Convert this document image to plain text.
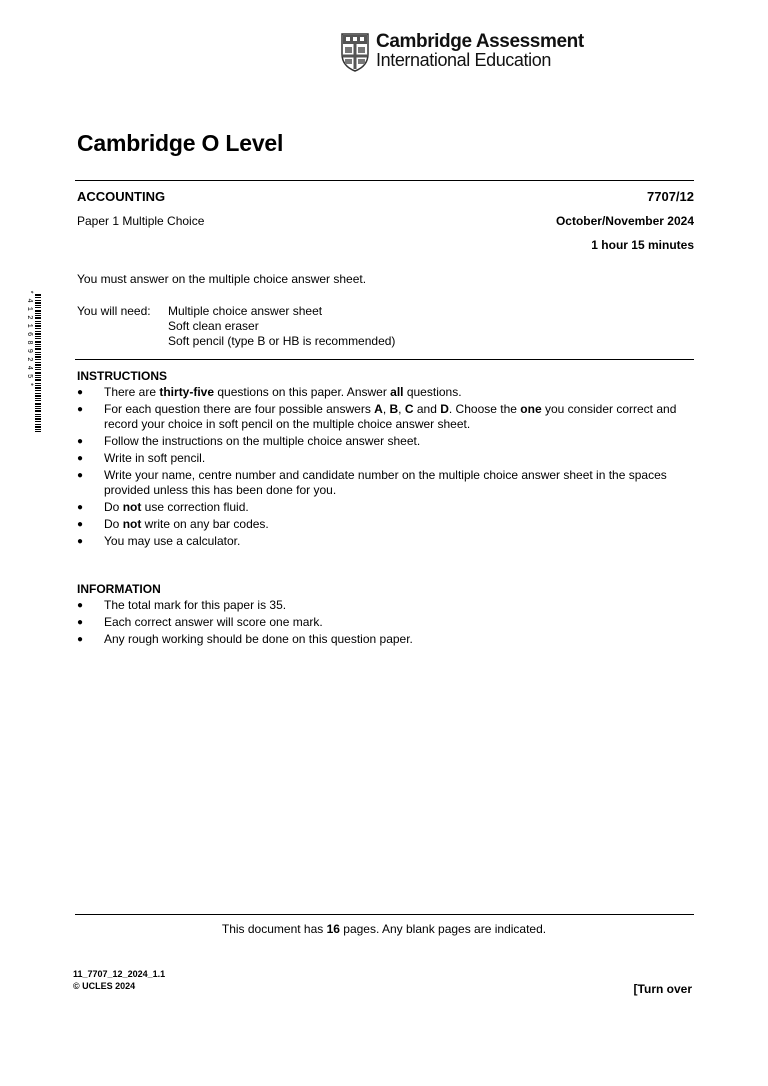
Cambridge Assessment
International Education
Cambridge O Level
ACCOUNTING	7707/12
Paper 1 Multiple Choice	October/November 2024
1 hour 15 minutes
You must answer on the multiple choice answer sheet.
You will need: Multiple choice answer sheet
Soft clean eraser
Soft pencil (type B or HB is recommended)
* 4 1 2 1 6 8 9 2 4 5 *	INSTRUCTIONS
●	There are thirty-five questions on this paper. Answer all questions.
●	For each question there are four possible answers A, B, C and D. Choose the one you consider correct and record your choice in soft pencil on the multiple choice answer sheet.
●	Follow the instructions on the multiple choice answer sheet.
●	Write in soft pencil.
●	Write your name, centre number and candidate number on the multiple choice answer sheet in the spaces provided unless this has been done for you.
●	Do not use correction fluid.
●	Do not write on any bar codes.
●	You may use a calculator.
INFORMATION
●	The total mark for this paper is 35.
●	Each correct answer will score one mark.
●	Any rough working should be done on this question paper.
This document has 16 pages. Any blank pages are indicated.
11_7707_12_2024_1.1
© UCLES 2024	[Turn over
